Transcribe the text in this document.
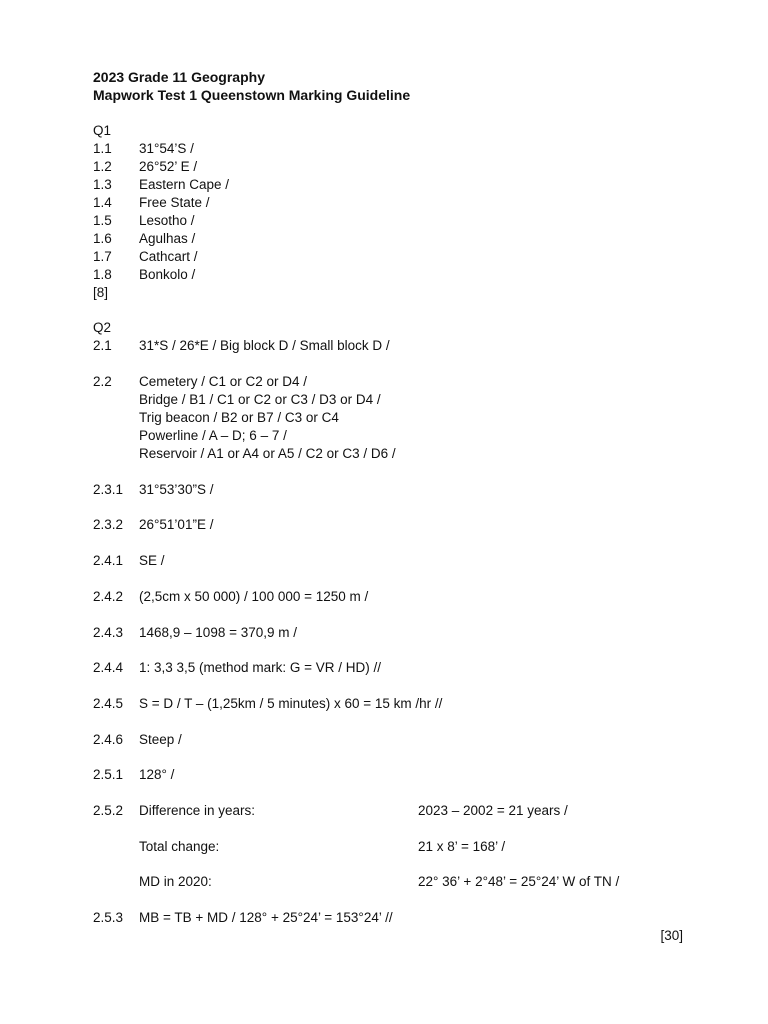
2023 Grade 11 Geography
Mapwork Test 1 Queenstown Marking Guideline
Q1
1.1 31°54’S /
1.2 26°52’ E /
1.3 Eastern Cape /
1.4 Free State /
1.5 Lesotho /
1.6 Agulhas /
1.7 Cathcart /
1.8 Bonkolo /
[8]
Q2
2.1 31*S / 26*E / Big block D / Small block D /
2.2 Cemetery / C1 or C2 or D4 /
Bridge / B1 / C1 or C2 or C3 / D3 or D4 /
Trig beacon / B2 or B7 / C3 or C4
Powerline / A – D; 6 – 7 /
Reservoir / A1 or A4 or A5 / C2 or C3 / D6 /
2.3.1 31°53’30”S /
2.3.2 26°51’01”E /
2.4.1 SE /
2.4.2 (2,5cm x 50 000) / 100 000 = 1250 m /
2.4.3 1468,9 – 1098 = 370,9 m /
2.4.4 1: 3,3 3,5 (method mark: G = VR / HD) //
2.4.5 S = D / T – (1,25km / 5 minutes) x 60 = 15 km /hr //
2.4.6 Steep /
2.5.1 128° /
2.5.2 Difference in years:	2023 – 2002 = 21 years /
Total change:	21 x 8’ = 168’ /
MD in 2020:	22° 36’ + 2°48’ = 25°24’ W of TN /
2.5.3 MB = TB + MD / 128° + 25°24’ = 153°24’ //
[30]
